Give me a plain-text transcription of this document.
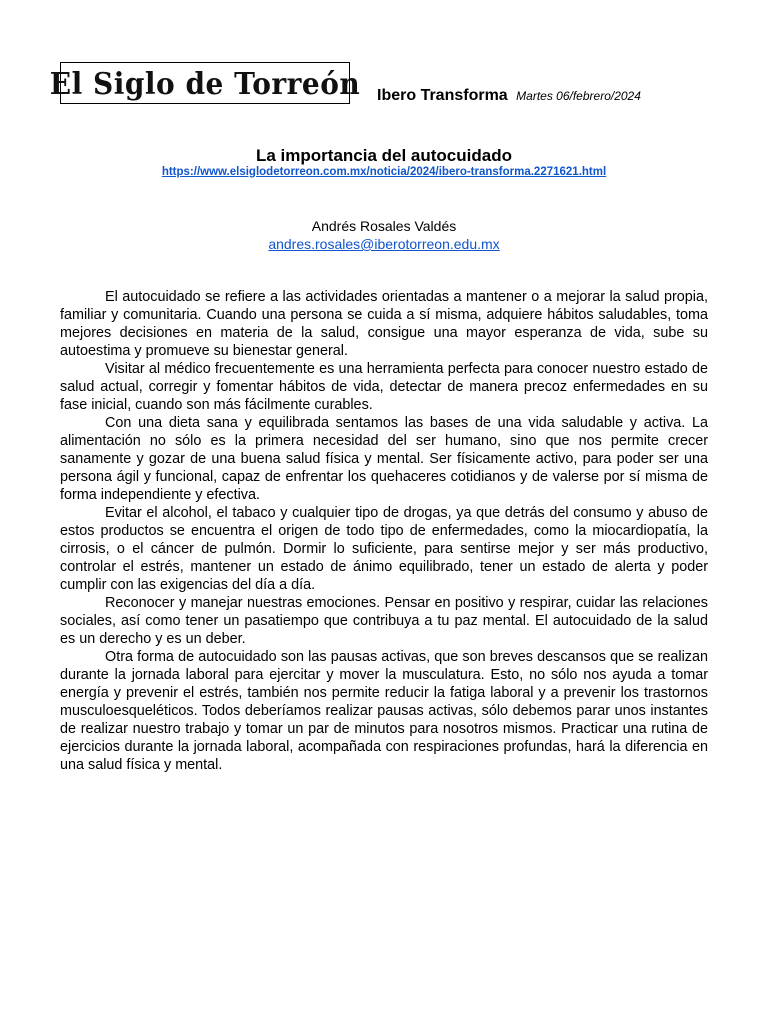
El Siglo de Torreón Ibero Transforma Martes 06/febrero/2024
La importancia del autocuidado
https://www.elsiglodetorreon.com.mx/noticia/2024/ibero-transforma.2271621.html
Andrés Rosales Valdés
andres.rosales@iberotorreon.edu.mx

El autocuidado se refiere a las actividades orientadas a mantener o a mejorar la salud propia, familiar y comunitaria. Cuando una persona se cuida a sí misma, adquiere hábitos saludables, toma mejores decisiones en materia de la salud, consigue una mayor esperanza de vida, sube su autoestima y promueve su bienestar general.

Visitar al médico frecuentemente es una herramienta perfecta para conocer nuestro estado de salud actual, corregir y fomentar hábitos de vida, detectar de manera precoz enfermedades en su fase inicial, cuando son más fácilmente curables.

Con una dieta sana y equilibrada sentamos las bases de una vida saludable y activa. La alimentación no sólo es la primera necesidad del ser humano, sino que nos permite crecer sanamente y gozar de una buena salud física y mental. Ser físicamente activo, para poder ser una persona ágil y funcional, capaz de enfrentar los quehaceres cotidianos y de valerse por sí misma de forma independiente y efectiva.

Evitar el alcohol, el tabaco y cualquier tipo de drogas, ya que detrás del consumo y abuso de estos productos se encuentra el origen de todo tipo de enfermedades, como la miocardiopatía, la cirrosis, o el cáncer de pulmón. Dormir lo suficiente, para sentirse mejor y ser más productivo, controlar el estrés, mantener un estado de ánimo equilibrado, tener un estado de alerta y poder cumplir con las exigencias del día a día.

Reconocer y manejar nuestras emociones. Pensar en positivo y respirar, cuidar las relaciones sociales, así como tener un pasatiempo que contribuya a tu paz mental. El autocuidado de la salud es un derecho y es un deber.

Otra forma de autocuidado son las pausas activas, que son breves descansos que se realizan durante la jornada laboral para ejercitar y mover la musculatura. Esto, no sólo nos ayuda a tomar energía y prevenir el estrés, también nos permite reducir la fatiga laboral y a prevenir los trastornos musculoesqueléticos. Todos deberíamos realizar pausas activas, sólo debemos parar unos instantes de realizar nuestro trabajo y tomar un par de minutos para nosotros mismos. Practicar una rutina de ejercicios durante la jornada laboral, acompañada con respiraciones profundas, hará la diferencia en una salud física y mental.
